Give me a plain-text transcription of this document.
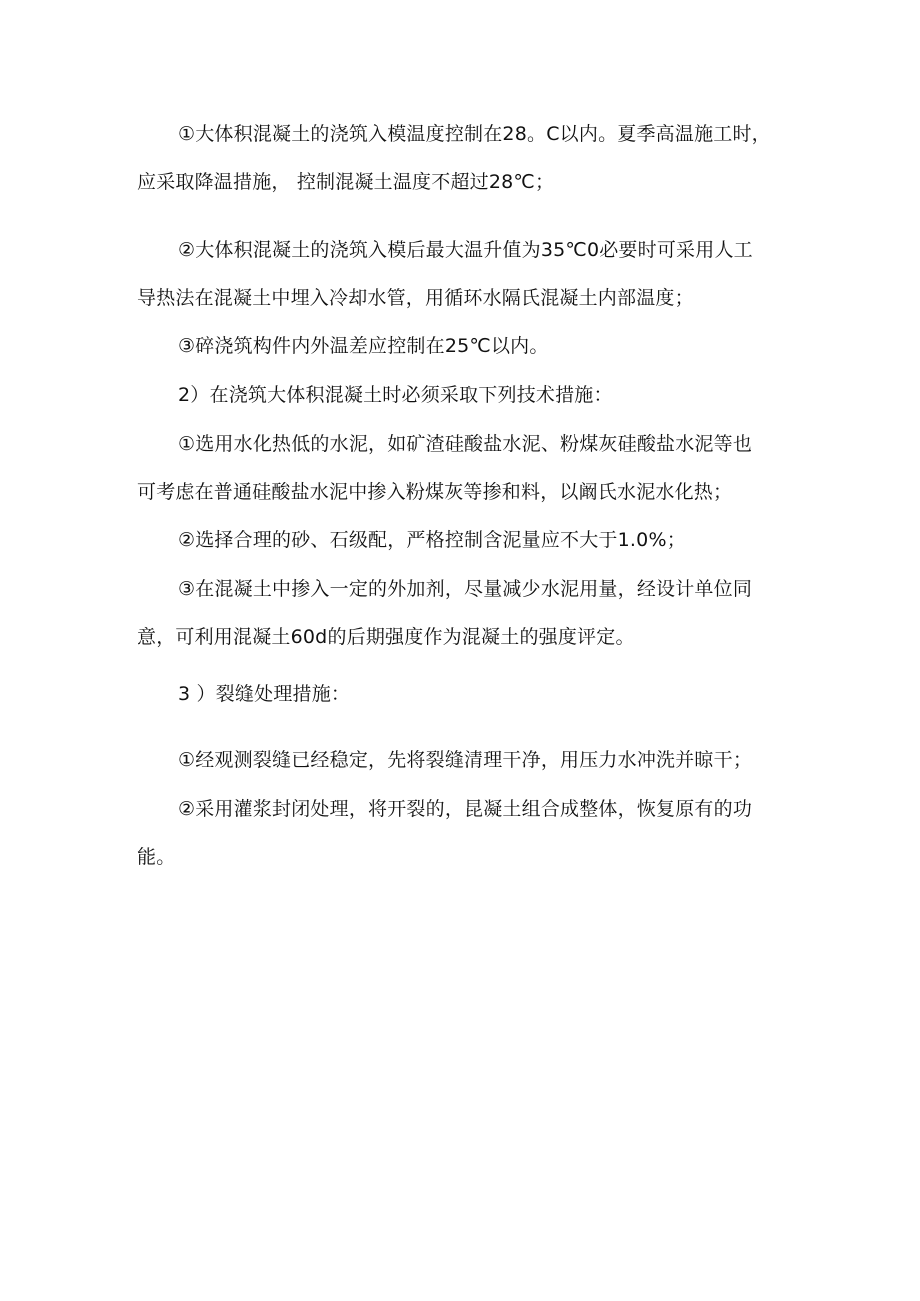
①大体积混凝土的浇筑入模温度控制在28。C以内。夏季高温施工时，
应采取降温措施， 控制混凝土温度不超过28℃；
②大体积混凝土的浇筑入模后最大温升值为35℃0必要时可采用人工
导热法在混凝土中埋入冷却水管，用循环水隔氏混凝土内部温度；
③碎浇筑构件内外温差应控制在25℃以内。
2）在浇筑大体积混凝土时必须采取下列技术措施：
①选用水化热低的水泥，如矿渣硅酸盐水泥、粉煤灰硅酸盐水泥等也
可考虑在普通硅酸盐水泥中掺入粉煤灰等掺和料，以阚氏水泥水化热；
②选择合理的砂、石级配，严格控制含泥量应不大于1.0%；
③在混凝土中掺入一定的外加剂，尽量减少水泥用量，经设计单位同
意，可利用混凝土60d的后期强度作为混凝土的强度评定。
3 ）裂缝处理措施：
①经观测裂缝已经稳定，先将裂缝清理干净，用压力水冲洗并晾干；
②采用灌浆封闭处理，将开裂的，昆凝土组合成整体，恢复原有的功
能。
